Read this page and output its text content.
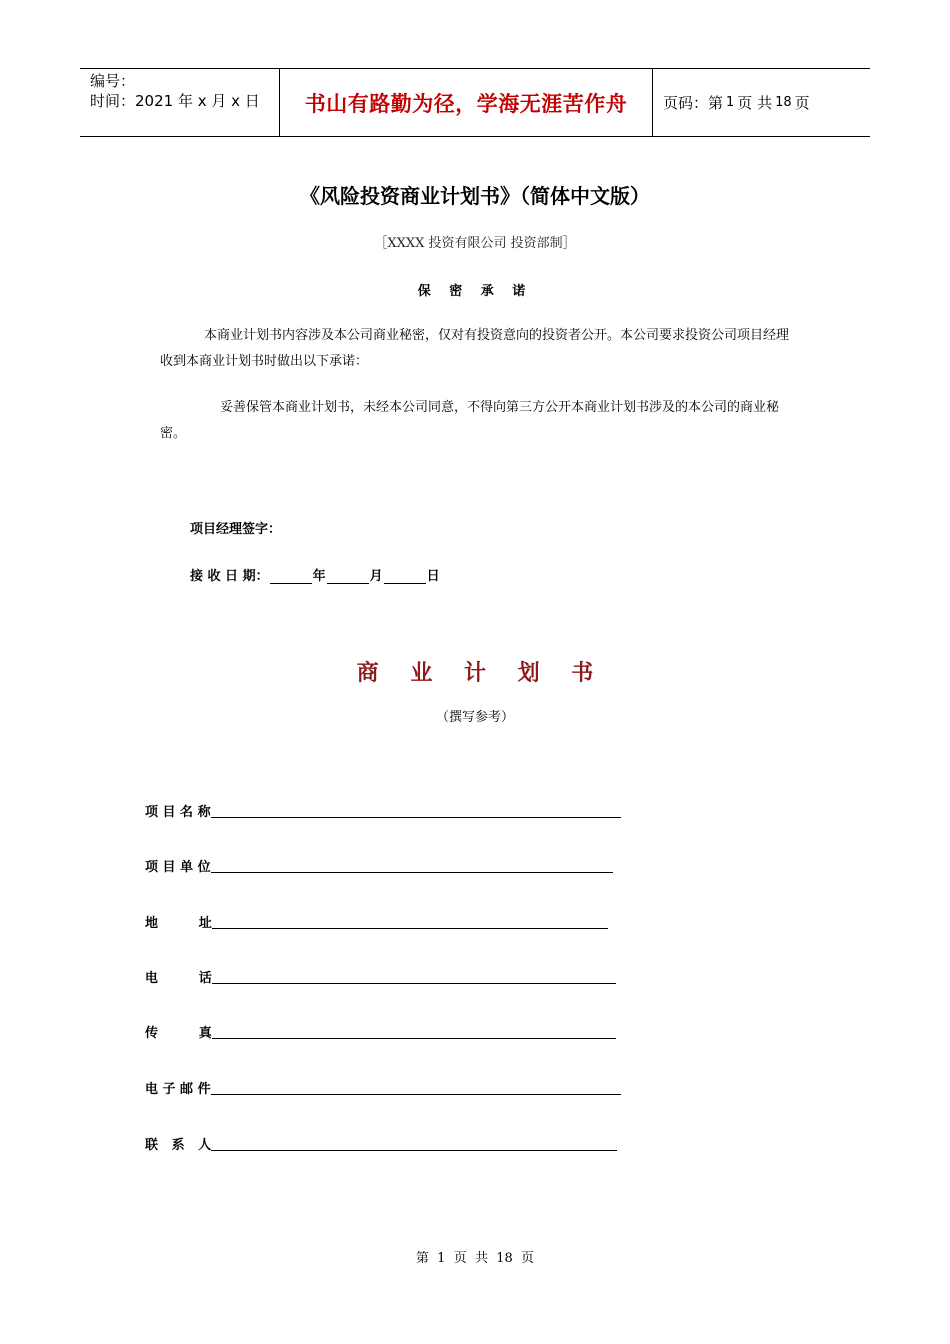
编号：
时间：2021 年 x 月 x 日	书山有路勤为径，学海无涯苦作舟	页码：第 1 页 共 18 页
《风险投资商业计划书》（简体中文版）
［XXXX 投资有限公司 投资部制］
保 密 承 诺
本商业计划书内容涉及本公司商业秘密，仅对有投资意向的投资者公开。本公司要求投资公司项目经理收到本商业计划书时做出以下承诺：
妥善保管本商业计划书，未经本公司同意，不得向第三方公开本商业计划书涉及的本公司的商业秘密。
项目经理签字：
接 收 日 期：	年	月	日
商 业 计 划 书
（撰写参考）
项 目 名 称
项 目 单 位
地         址
电         话
传         真
电 子 邮 件
联   系   人
第  1  页  共  18  页
